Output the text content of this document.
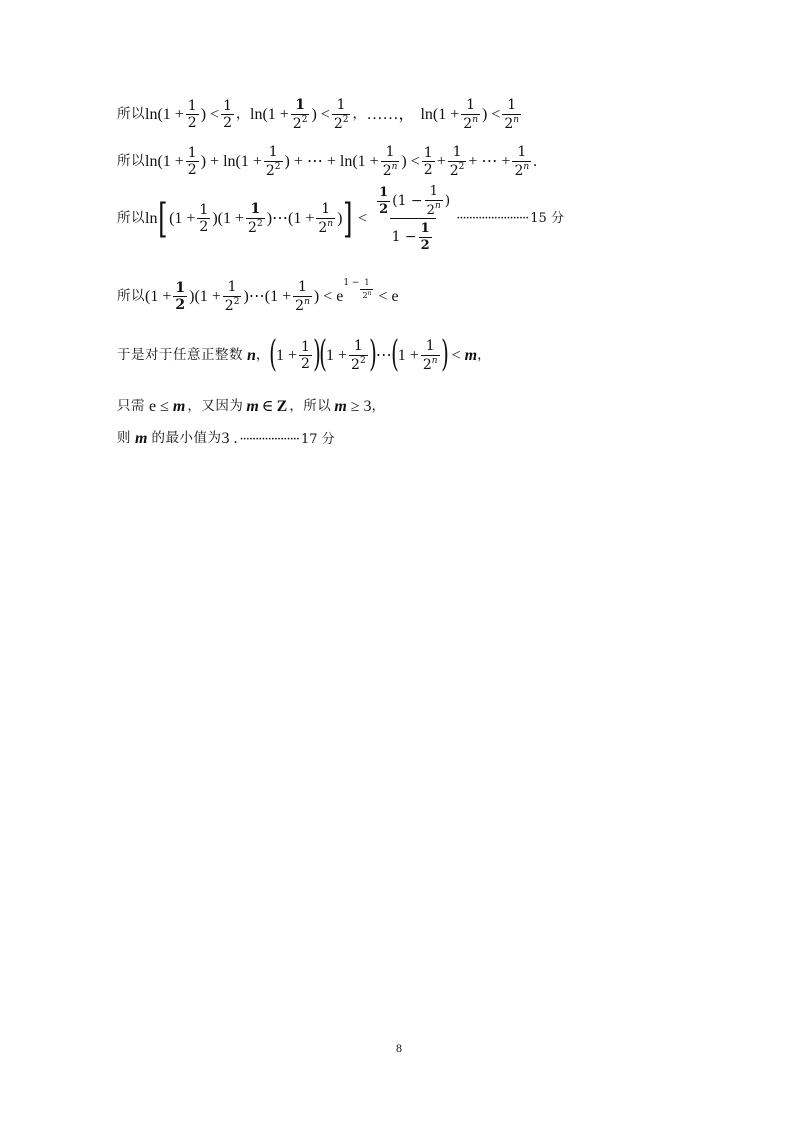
所以 $\ln(1 + \frac{1}{2}$ ) < $\frac{1}{2}$ ， $\ln(1 + \frac{1}{2^2}$ ) < $\frac{1}{2^2}$ ， ……， $\ln(1 + \frac{1}{2^n}$ ) < $\frac{1}{2^n}$
所以 $\ln(1 + \frac{1}{2}$ ) + $\ln(1 + \frac{1}{2^2}$ ) + ⋯ + $\ln(1 + \frac{1}{2^n}$ ) < $\frac{1}{2} + \frac{1}{2^2}$ + ⋯ + $\frac{1}{2^n}$ .
所以 ln [ $(1 + \frac{1}{2} )(1 + \frac{1}{2^2}$ )⋯(1 + $\frac{1}{2^n}$ ) ] < $\frac{\frac{1}{2} (1 - \frac{1}{2^n} )}{1 - \frac{1}{2}}$ ······················· 15 分
所以 $(1 + \frac{1}{2} )(1 + \frac{1}{2^2}$ )⋯(1 + $\frac{1}{2^n}$ ) < e
$1 - \frac{1}{2^n} < e$
于是对于任意正整数 n ， ( $1 + \frac{1}{2}$ )
( $1 + \frac{1}{2^2}$ ) ⋯ ( $1 + \frac{1}{2^n}$ ) < m ，
只需 e ≤ m ，又因为 m ∈ Z ，所以 m ≥ 3 ，
则 m 的最小值为 3 . ··················· 17 分
8
